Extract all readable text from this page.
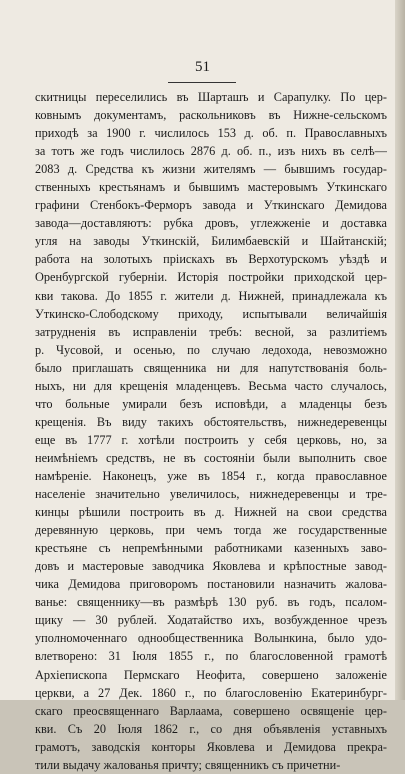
51
скитницы переселились въ Шарташъ и Сарапулку. По цер-
ковнымъ документамъ, раскольниковъ въ Нижне-сельскомъ
приходѣ за 1900 г. числилось 153 д. об. п. Православныхъ
за тотъ же годъ числилось 2876 д. об. п., изъ нихъ въ селѣ—
2083 д. Средства къ жизни жителямъ — бывшимъ государ-
ственныхъ крестьянамъ и бывшимъ мастеровымъ Уткинскаго
графини Стенбокъ-Ферморъ завода и Уткинскаго Демидова
завода—доставляютъ: рубка дровъ, углежженіе и доставка
угля на заводы Уткинскій, Билимбаевскій и Шайтанскій;
работа на золотыхъ пріискахъ въ Верхотурскомъ уѣздѣ и
Оренбургской губерніи. Исторія постройки приходской цер-
кви такова. До 1855 г. жители д. Нижней, принадлежала къ
Уткинско-Слободскому приходу, испытывали величайшія
затрудненія въ исправленіи требъ: весной, за разлитіемъ
р. Чусовой, и осенью, по случаю ледохода, невозможно
было приглашать священника ни для напутствованія боль-
ныхъ, ни для крещенія младенцевъ. Весьма часто случалось,
что больные умирали безъ исповѣди, а младенцы безъ
крещенія. Въ виду такихъ обстоятельствъ, нижнедеревенцы
еще въ 1777 г. хотѣли построить у себя церковь, но, за
неимѣніемъ средствъ, не въ состояніи были выполнить свое
намѣреніе. Наконецъ, уже въ 1854 г., когда православное
населеніе значительно увеличилось, нижнедеревенцы и тре-
кинцы рѣшили построить въ д. Нижней на свои средства
деревянную церковь, при чемъ тогда же государственные
крестьяне съ непремѣнными работниками казенныхъ заво-
довъ и мастеровые заводчика Яковлева и крѣпостные завод-
чика Демидова приговоромъ постановили назначить жалова-
ванье: священнику—въ размѣрѣ 130 руб. въ годъ, псалом-
щику — 30 рублей. Ходатайство ихъ, возбужденное чрезъ
уполномоченнаго однообщественника Волынкина, было удо-
влетворено: 31 Іюля 1855 г., по благословенной грамотѣ
Архіепископа Пермскаго Неофита, совершено заложеніе
церкви, а 27 Дек. 1860 г., по благословенію Екатеринбург-
скаго преосвященнаго Варлаама, совершено освященіе цер-
кви. Съ 20 Іюля 1862 г., со дня объявленія уставныхъ
грамотъ, заводскія конторы Яковлева и Демидова прекра-
тили выдачу жалованья причту; священникъ съ причетни-
